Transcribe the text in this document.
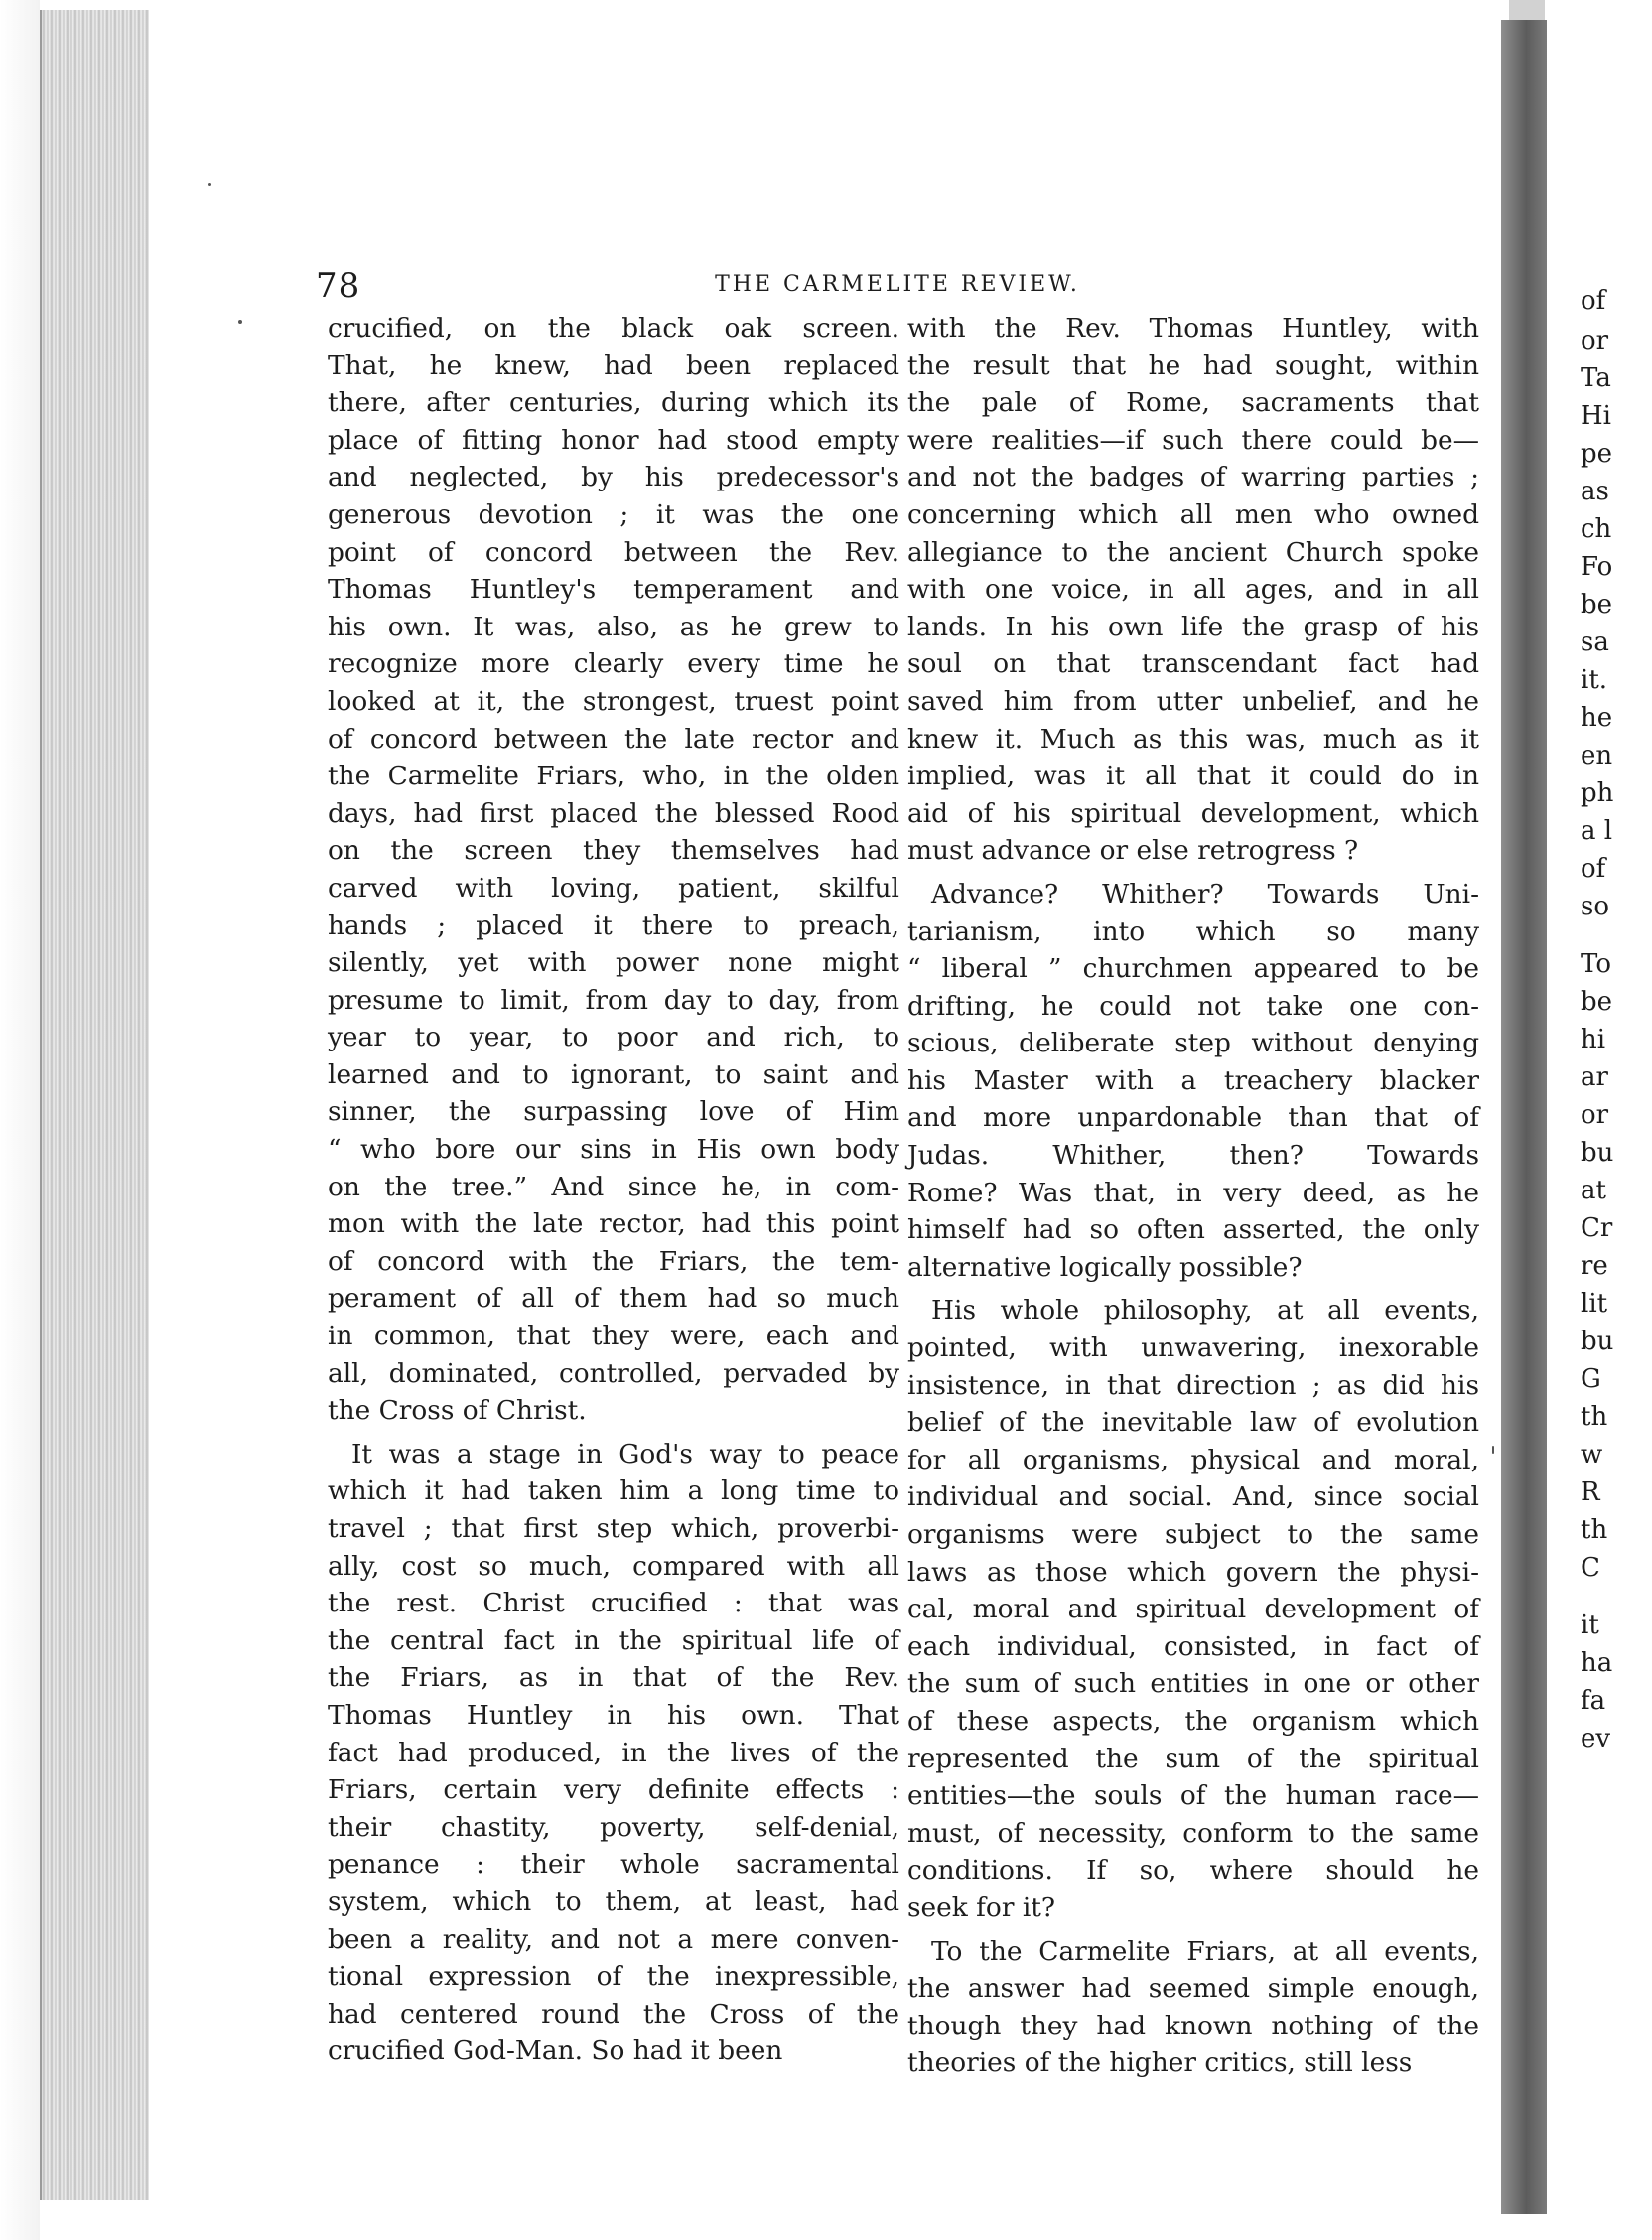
78	THE CARMELITE REVIEW.
crucified, on the black oak screen.
That, he knew, had been replaced
there, after centuries, during which its
place of fitting honor had stood empty
and neglected, by his predecessor's
generous devotion ; it was the one
point of concord between the Rev.
Thomas Huntley's temperament and
his own. It was, also, as he grew to
recognize more clearly every time he
looked at it, the strongest, truest point
of concord between the late rector and
the Carmelite Friars, who, in the olden
days, had first placed the blessed Rood
on the screen they themselves had
carved with loving, patient, skilful
hands ; placed it there to preach,
silently, yet with power none might
presume to limit, from day to day, from
year to year, to poor and rich, to
learned and to ignorant, to saint and
sinner, the surpassing love of Him
“ who bore our sins in His own body
on the tree.” And since he, in com-
mon with the late rector, had this point
of concord with the Friars, the tem-
perament of all of them had so much
in common, that they were, each and
all, dominated, controlled, pervaded by
the Cross of Christ.
It was a stage in God's way to peace
which it had taken him a long time to
travel ; that first step which, proverbi-
ally, cost so much, compared with all
the rest. Christ crucified : that was
the central fact in the spiritual life of
the Friars, as in that of the Rev.
Thomas Huntley in his own. That
fact had produced, in the lives of the
Friars, certain very definite effects :
their chastity, poverty, self-denial,
penance : their whole sacramental
system, which to them, at least, had
been a reality, and not a mere conven-
tional expression of the inexpressible,
had centered round the Cross of the
crucified God-Man. So had it been
with the Rev. Thomas Huntley, with
the result that he had sought, within
the pale of Rome, sacraments that
were realities—if such there could be—
and not the badges of warring parties ;
concerning which all men who owned
allegiance to the ancient Church spoke
with one voice, in all ages, and in all
lands. In his own life the grasp of his
soul on that transcendant fact had
saved him from utter unbelief, and he
knew it. Much as this was, much as it
implied, was it all that it could do in
aid of his spiritual development, which
must advance or else retrogress ?
Advance? Whither? Towards Uni-
tarianism, into which so many
“ liberal ” churchmen appeared to be
drifting, he could not take one con-
scious, deliberate step without denying
his Master with a treachery blacker
and more unpardonable than that of
Judas. Whither, then? Towards
Rome? Was that, in very deed, as he
himself had so often asserted, the only
alternative logically possible?
His whole philosophy, at all events,
pointed, with unwavering, inexorable
insistence, in that direction ; as did his
belief of the inevitable law of evolution
for all organisms, physical and moral,
individual and social. And, since social
organisms were subject to the same
laws as those which govern the physi-
cal, moral and spiritual development of
each individual, consisted, in fact of
the sum of such entities in one or other
of these aspects, the organism which
represented the sum of the spiritual
entities—the souls of the human race—
must, of necessity, conform to the same
conditions. If so, where should he
seek for it?
To the Carmelite Friars, at all events,
the answer had seemed simple enough,
though they had known nothing of the
theories of the higher critics, still less
of
or
Ta
Hi
pe
as
ch
Fo
be
sa
it.
he
en
ph
a l
of
so
To
be
hi
ar
or
bu
at
Cr
re
lit
bu
G
th
w
R
th
C
it
ha
fa
ev
